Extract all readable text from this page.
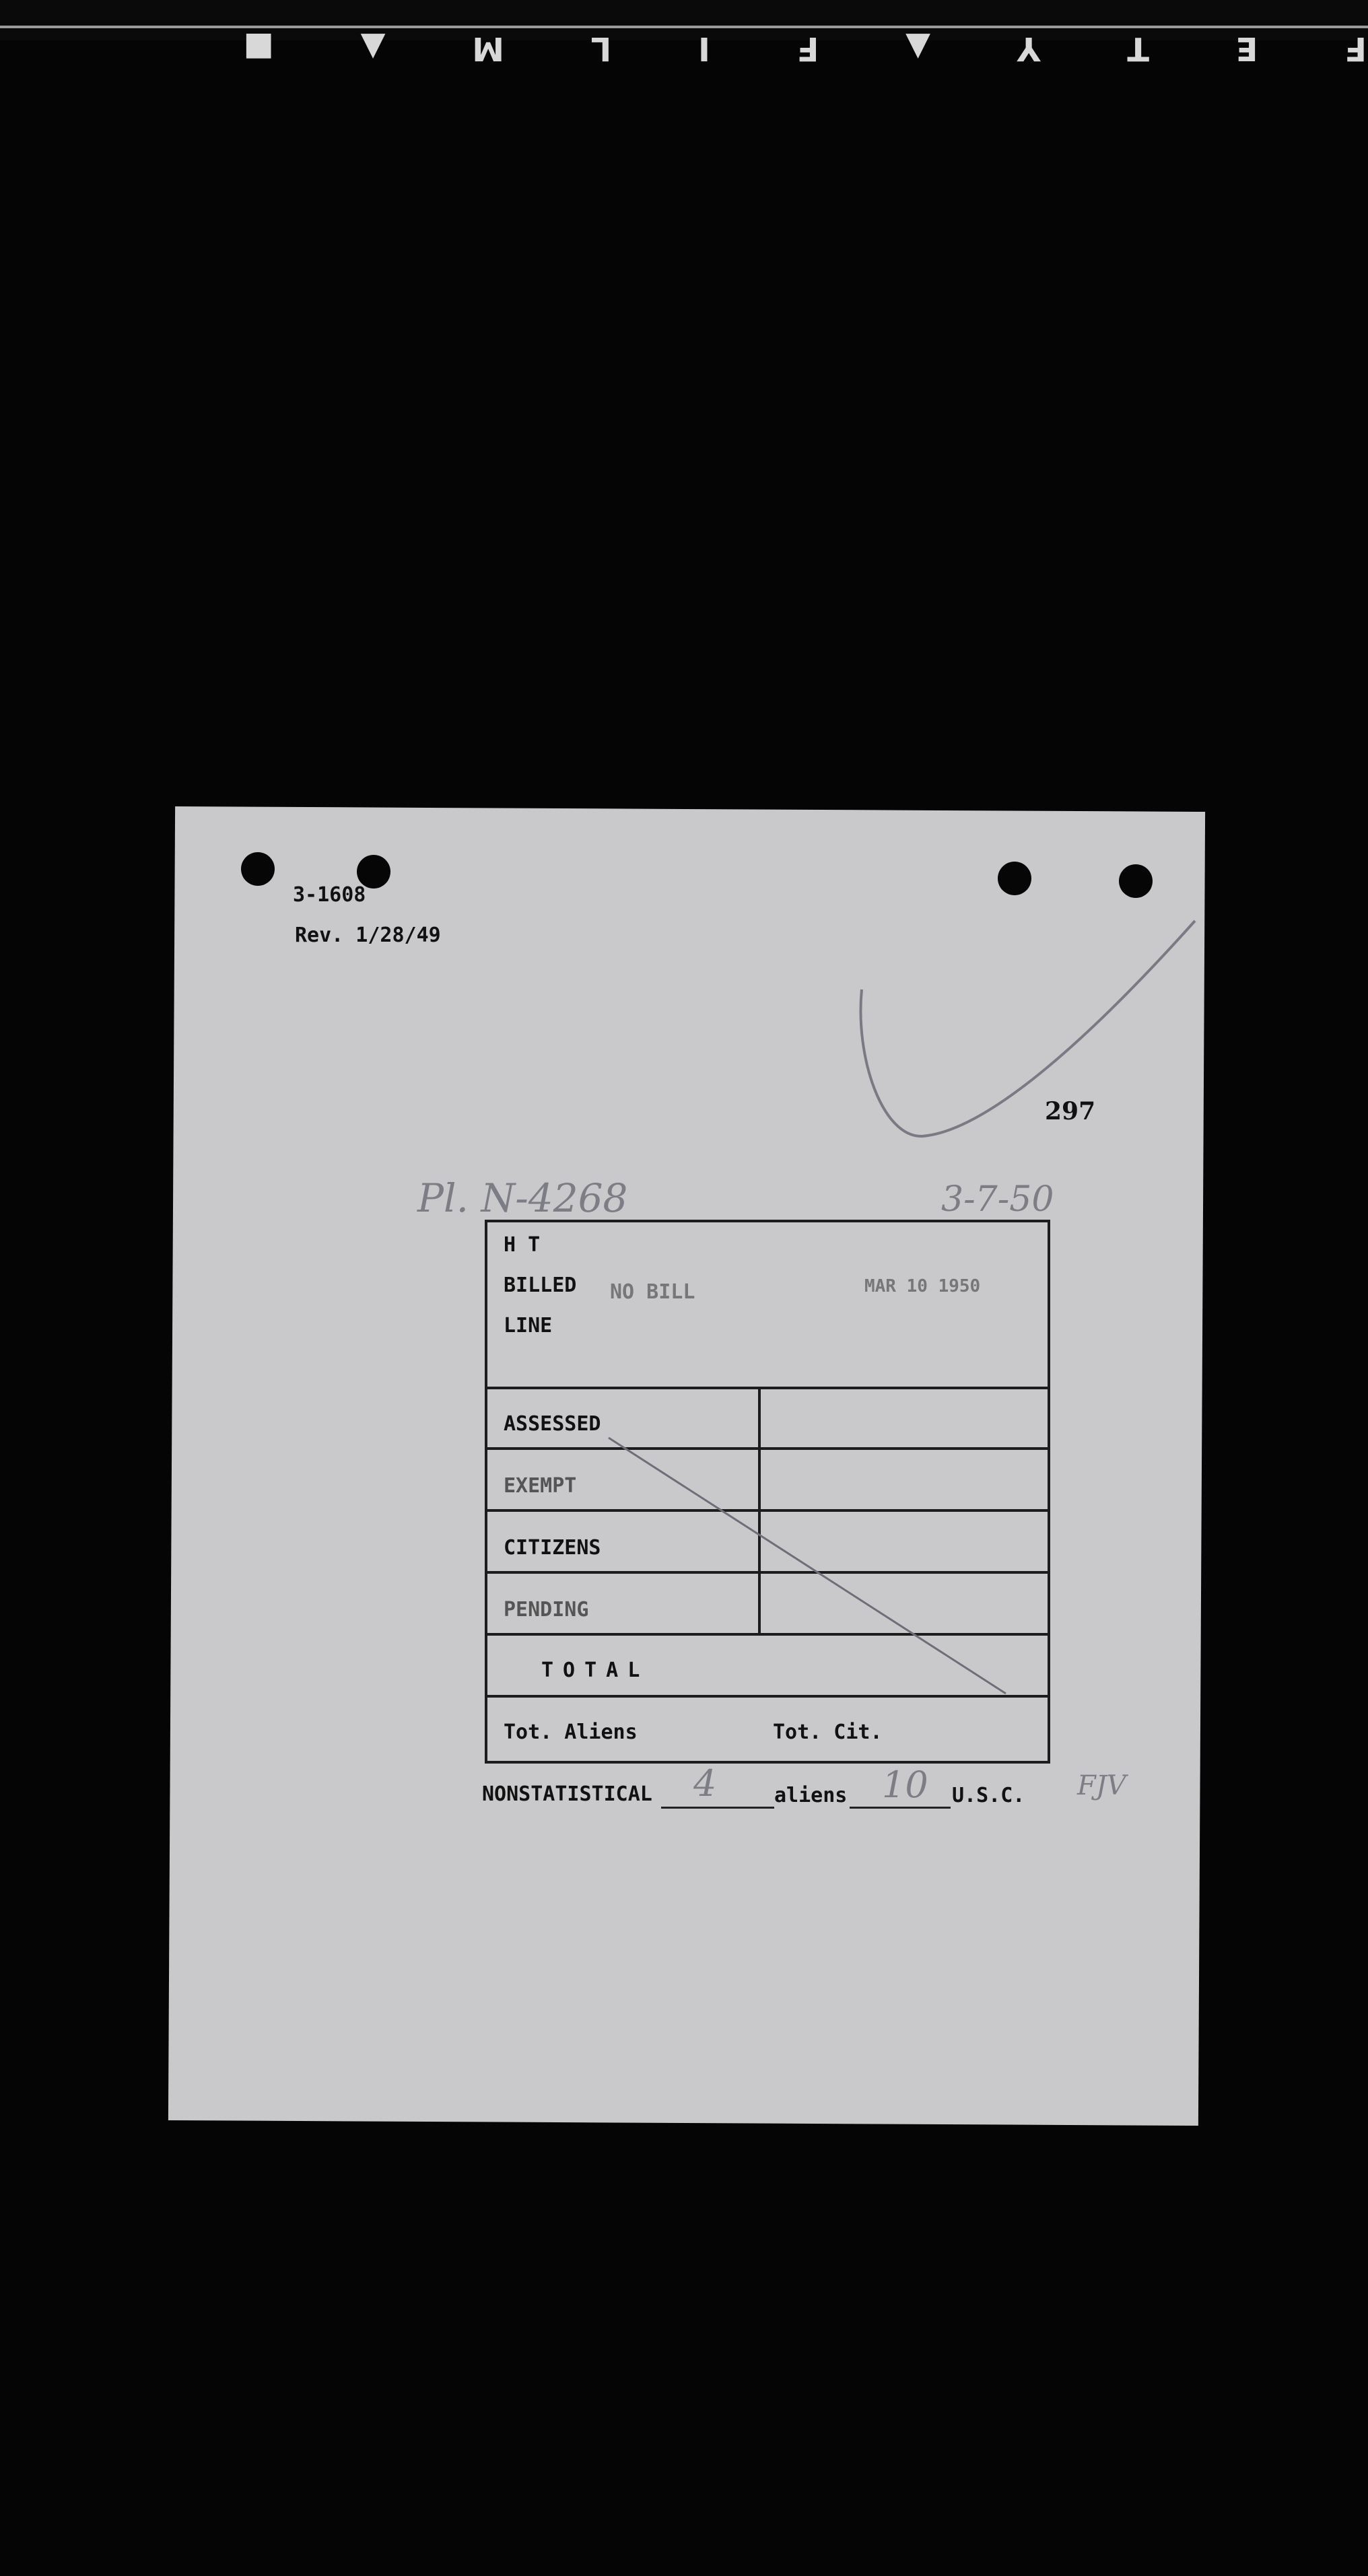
F E T Y ▲ F I L M ▲ ■
3-1608
Rev. 1/28/49
297
Pl. N-4268	3-7-50
H T
BILLED
LINE
NO BILL	MAR 10 1950
ASSESSED
EXEMPT
CITIZENS
PENDING
TOTAL
Tot. Aliens	Tot. Cit.
NONSTATISTICAL 4	aliens 10 U.S.C. FJV
